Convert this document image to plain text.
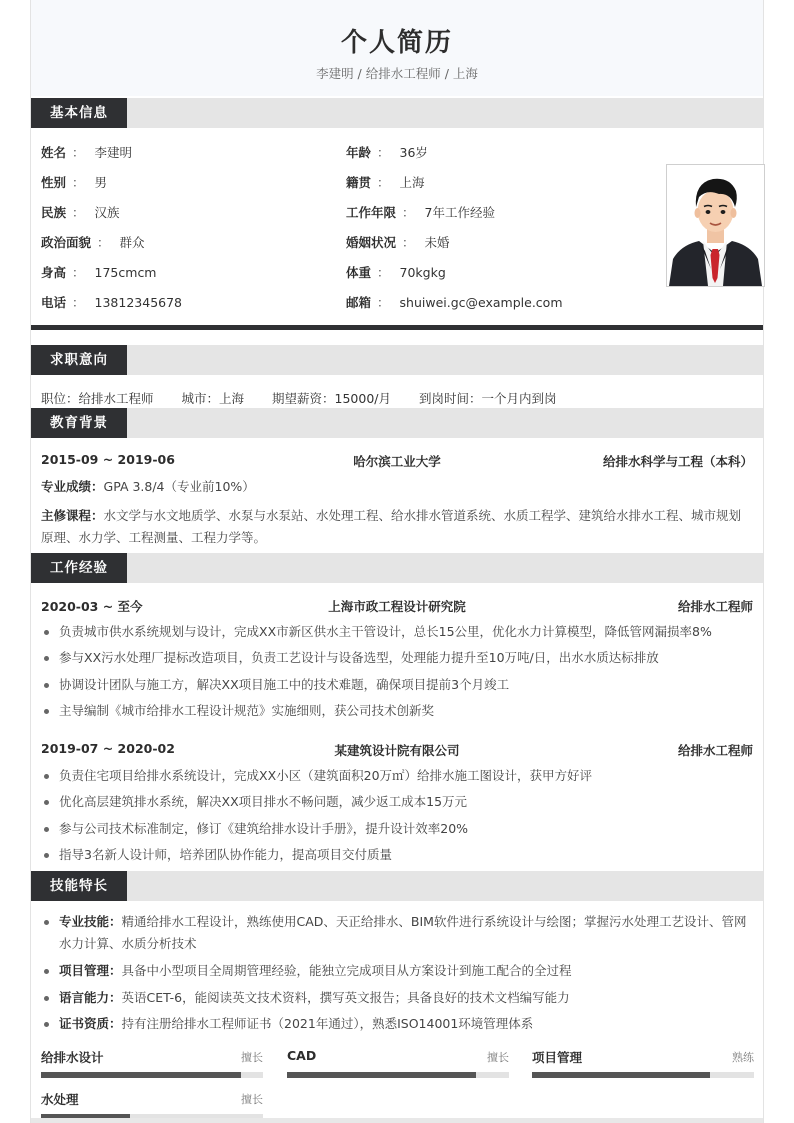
个人简历
李建明 / 给排水工程师 / 上海
基本信息
姓名 ： 李建明
性别 ： 男
民族 ： 汉族
政治面貌 ： 群众
身高 ： 175cmcm
电话 ： 13812345678
年龄 ： 36岁
籍贯 ： 上海
工作年限 ： 7年工作经验
婚姻状况 ： 未婚
体重 ： 70kgkg
邮箱 ： shuiwei.gc@example.com
求职意向
职位：给排水工程师 城市：上海 期望薪资：15000/月 到岗时间：一个月内到岗
教育背景
2015-09 ~ 2019-06	哈尔滨工业大学	给排水科学与工程（本科）
专业成绩：GPA 3.8/4（专业前10%）
主修课程：水文学与水文地质学、水泵与水泵站、水处理工程、给水排水管道系统、水质工程学、建筑给水排水工程、城市规划原理、水力学、工程测量、工程力学等。
工作经验
2020-03 ~ 至今	上海市政工程设计研究院	给排水工程师
负责城市供水系统规划与设计，完成XX市新区供水主干管设计，总长15公里，优化水力计算模型，降低管网漏损率8%
参与XX污水处理厂提标改造项目，负责工艺设计与设备选型，处理能力提升至10万吨/日，出水水质达标排放
协调设计团队与施工方，解决XX项目施工中的技术难题，确保项目提前3个月竣工
主导编制《城市给排水工程设计规范》实施细则，获公司技术创新奖
2019-07 ~ 2020-02	某建筑设计院有限公司	给排水工程师
负责住宅项目给排水系统设计，完成XX小区（建筑面积20万㎡）给排水施工图设计，获甲方好评
优化高层建筑排水系统，解决XX项目排水不畅问题，减少返工成本15万元
参与公司技术标准制定，修订《建筑给排水设计手册》，提升设计效率20%
指导3名新人设计师，培养团队协作能力，提高项目交付质量
技能特长
专业技能：精通给排水工程设计，熟练使用CAD、天正给排水、BIM软件进行系统设计与绘图；掌握污水处理工艺设计、管网水力计算、水质分析技术
项目管理：具备中小型项目全周期管理经验，能独立完成项目从方案设计到施工配合的全过程
语言能力：英语CET-6，能阅读英文技术资料，撰写英文报告；具备良好的技术文档编写能力
证书资质：持有注册给排水工程师证书（2021年通过），熟悉ISO14001环境管理体系
给排水设计	擅长 CAD	擅长 项目管理	熟练
水处理	擅长
